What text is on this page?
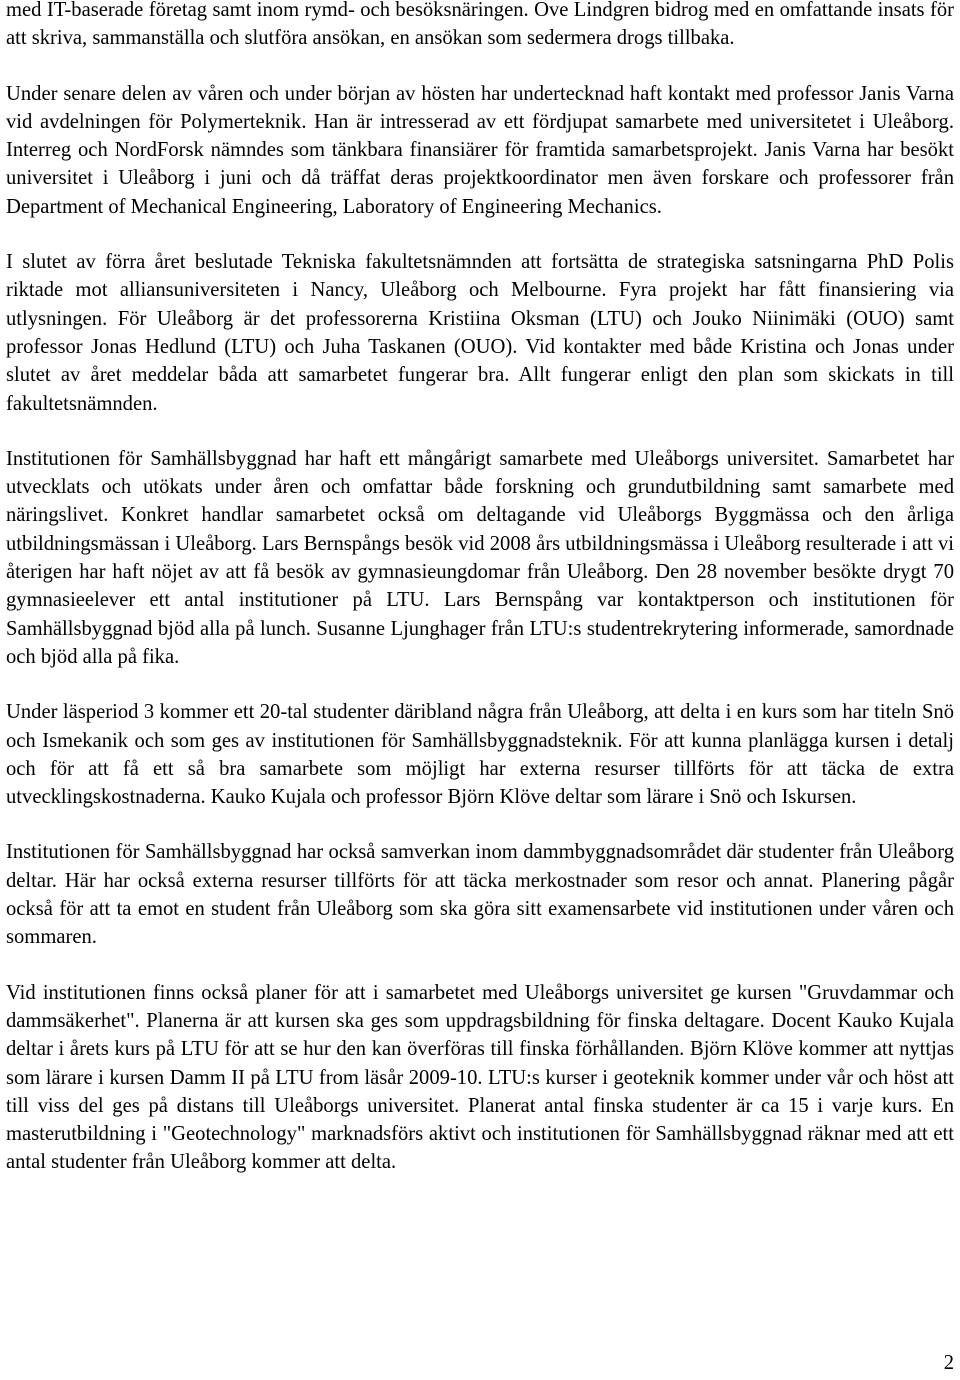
med IT-baserade företag samt inom rymd- och besöksnäringen. Ove Lindgren bidrog med en omfattande insats för att skriva, sammanställa och slutföra ansökan, en ansökan som sedermera drogs tillbaka.

Under senare delen av våren och under början av hösten har undertecknad haft kontakt med professor Janis Varna vid avdelningen för Polymerteknik. Han är intresserad av ett fördjupat samarbete med universitetet i Uleåborg. Interreg och NordForsk nämndes som tänkbara finansiärer för framtida samarbetsprojekt. Janis Varna har besökt universitet i Uleåborg i juni och då träffat deras projektkoordinator men även forskare och professorer från Department of Mechanical Engineering, Laboratory of Engineering Mechanics.

I slutet av förra året beslutade Tekniska fakultetsnämnden att fortsätta de strategiska satsningarna PhD Polis riktade mot alliansuniversiteten i Nancy, Uleåborg och Melbourne. Fyra projekt har fått finansiering via utlysningen. För Uleåborg är det professorerna Kristiina Oksman (LTU) och Jouko Niinimäki (OUO) samt professor Jonas Hedlund (LTU) och Juha Taskanen (OUO). Vid kontakter med både Kristina och Jonas under slutet av året meddelar båda att samarbetet fungerar bra. Allt fungerar enligt den plan som skickats in till fakultetsnämnden.

Institutionen för Samhällsbyggnad har haft ett mångårigt samarbete med Uleåborgs universitet. Samarbetet har utvecklats och utökats under åren och omfattar både forskning och grundutbildning samt samarbete med näringslivet. Konkret handlar samarbetet också om deltagande vid Uleåborgs Byggmässa och den årliga utbildningsmässan i Uleåborg. Lars Bernspångs besök vid 2008 års utbildningsmässa i Uleåborg resulterade i att vi återigen har haft nöjet av att få besök av gymnasieungdomar från Uleåborg. Den 28 november besökte drygt 70 gymnasieelever ett antal institutioner på LTU. Lars Bernspång var kontaktperson och institutionen för Samhällsbyggnad bjöd alla på lunch. Susanne Ljunghager från LTU:s studentrekrytering informerade, samordnade och bjöd alla på fika.

Under läsperiod 3 kommer ett 20-tal studenter däribland några från Uleåborg, att delta i en kurs som har titeln Snö och Ismekanik och som ges av institutionen för Samhällsbyggnadsteknik. För att kunna planlägga kursen i detalj och för att få ett så bra samarbete som möjligt har externa resurser tillförts för att täcka de extra utvecklingskostnaderna. Kauko Kujala och professor Björn Klöve deltar som lärare i Snö och Iskursen.

Institutionen för Samhällsbyggnad har också samverkan inom dammbyggnadsområdet där studenter från Uleåborg deltar. Här har också externa resurser tillförts för att täcka merkostnader som resor och annat. Planering pågår också för att ta emot en student från Uleåborg som ska göra sitt examensarbete vid institutionen under våren och sommaren.

Vid institutionen finns också planer för att i samarbetet med Uleåborgs universitet ge kursen "Gruvdammar och dammsäkerhet". Planerna är att kursen ska ges som uppdragsbildning för finska deltagare. Docent Kauko Kujala deltar i årets kurs på LTU för att se hur den kan överföras till finska förhållanden. Björn Klöve kommer att nyttjas som lärare i kursen Damm II på LTU from läsår 2009-10. LTU:s kurser i geoteknik kommer under vår och höst att till viss del ges på distans till Uleåborgs universitet. Planerat antal finska studenter är ca 15 i varje kurs. En masterutbildning i "Geotechnology" marknadsförs aktivt och institutionen för Samhällsbyggnad räknar med att ett antal studenter från Uleåborg kommer att delta.

2
